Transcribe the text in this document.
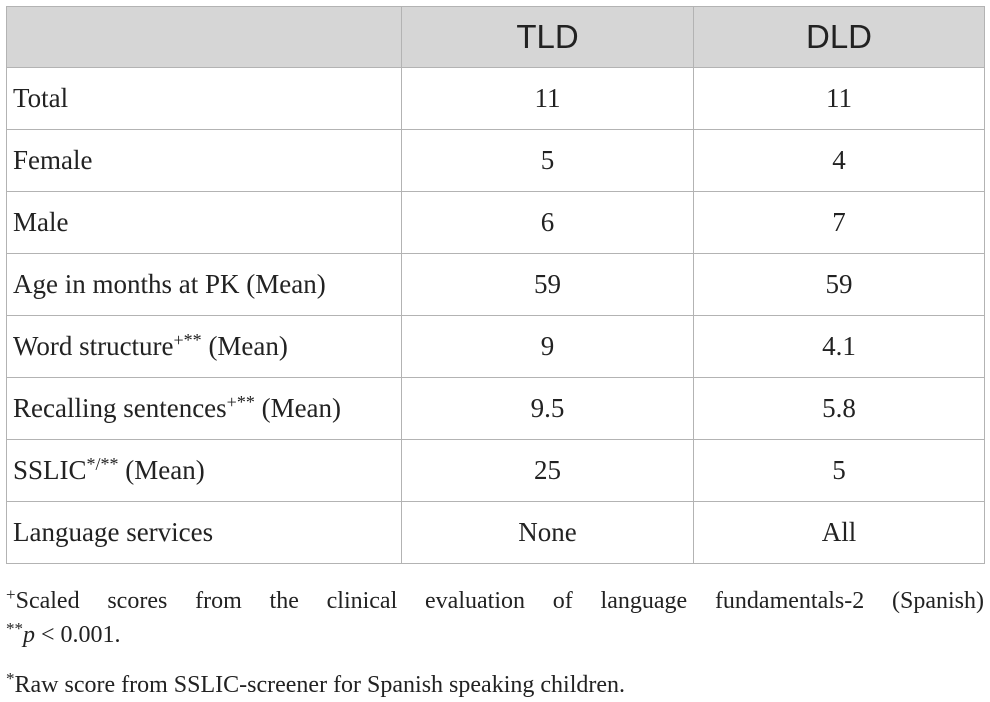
	TLD	DLD
Total	11	11
Female	5	4
Male	6	7
Age in months at PK (Mean)	59	59
Word structure+** (Mean)	9	4.1
Recalling sentences+** (Mean)	9.5	5.8
SSLIC*/** (Mean)	25	5
Language services	None	All

+Scaled scores from the clinical evaluation of language fundamentals-2 (Spanish)

**p < 0.001.

*Raw score from SSLIC-screener for Spanish speaking children.
